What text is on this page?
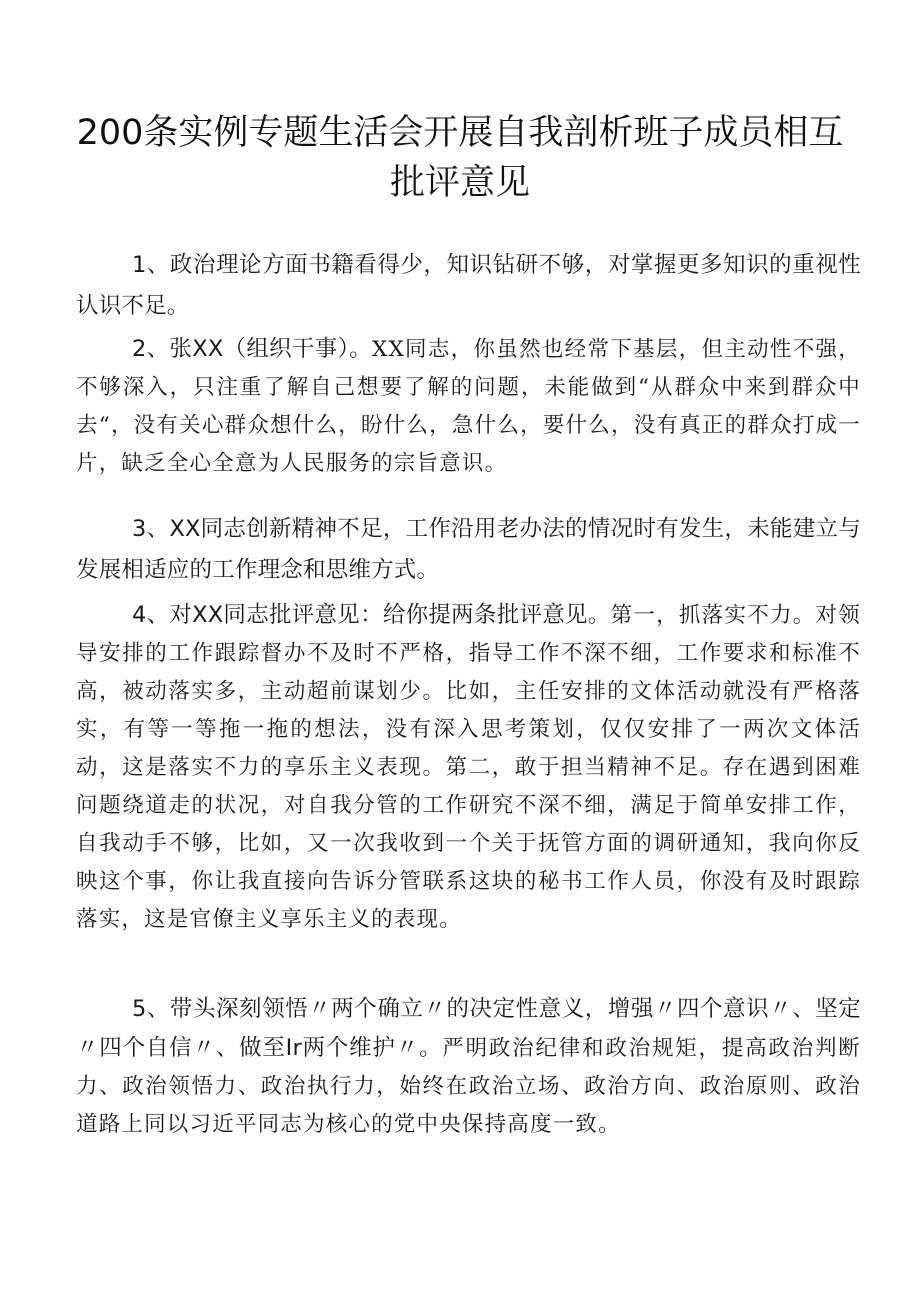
200条实例专题生活会开展自我剖析班子成员相互
批评意见

1、政治理论方面书籍看得少，知识钻研不够，对掌握更多知识的重视性认识不足。

2、张XX（组织干事）。XX同志，你虽然也经常下基层，但主动性不强，不够深入，只注重了解自己想要了解的问题，未能做到“从群众中来到群众中去“，没有关心群众想什么，盼什么，急什么，要什么，没有真正的群众打成一片，缺乏全心全意为人民服务的宗旨意识。

3、XX同志创新精神不足，工作沿用老办法的情况时有发生，未能建立与发展相适应的工作理念和思维方式。

4、对XX同志批评意见：给你提两条批评意见。第一，抓落实不力。对领导安排的工作跟踪督办不及时不严格，指导工作不深不细，工作要求和标准不高，被动落实多，主动超前谋划少。比如，主任安排的文体活动就没有严格落实，有等一等拖一拖的想法，没有深入思考策划，仅仅安排了一两次文体活动，这是落实不力的享乐主义表现。第二，敢于担当精神不足。存在遇到困难问题绕道走的状况，对自我分管的工作研究不深不细，满足于简单安排工作，自我动手不够，比如，又一次我收到一个关于抚管方面的调研通知，我向你反映这个事，你让我直接向告诉分管联系这块的秘书工作人员，你没有及时跟踪落实，这是官僚主义享乐主义的表现。

5、带头深刻领悟〃两个确立〃的决定性意义，增强〃四个意识〃、坚定〃四个自信〃、做至Ir两个维护〃。严明政治纪律和政治规矩，提高政治判断力、政治领悟力、政治执行力，始终在政治立场、政治方向、政治原则、政治道路上同以习近平同志为核心的党中央保持高度一致。
